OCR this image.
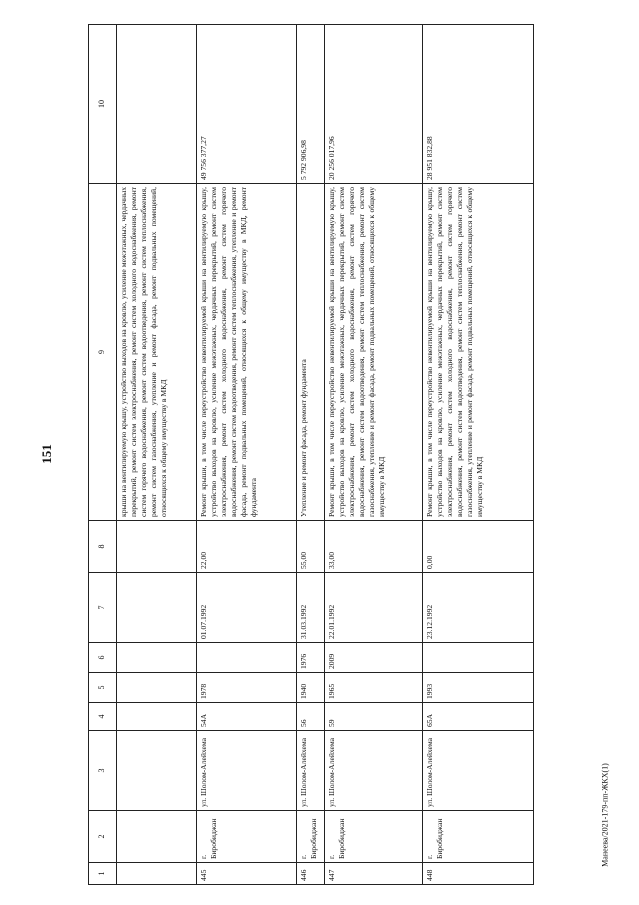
151
Манеева/2021-179-пп-ЖКХ(1)
1	2	3	4	5	6	7	8	9	10
								крыши на вентилируемую крышу, устройство выходов на кровлю, усиление межэтажных, чердачных перекрытий, ремонт систем электроснабжения, ремонт систем холодного водоснабжения, ремонт систем горячего водоснабжения, ремонт систем водоотведения, ремонт систем теплоснабжения, ремонт систем газоснабжения, утепление и ремонт фасада, ремонт подвальных помещений, относящихся к общему имуществу в МКД	
445	г. Биробиджан	ул. Шолом-Алейхема	54А	1978		01.07.1992	22,00	Ремонт крыши, в том числе переустройство невентилируемой крыши на вентилируемую крышу, устройство выходов на кровлю, усиление межэтажных, чердачных перекрытий, ремонт систем электроснабжения, ремонт систем холодного водоснабжения, ремонт систем горячего водоснабжения, ремонт систем водоотведения, ремонт систем теплоснабжения, утепление и ремонт фасада, ремонт подвальных помещений, относящихся к общему имуществу в МКД, ремонт фундамента	49 756 377,27
446	г. Биробиджан	ул. Шолом-Алейхема	56	1940	1976	31.03.1992	55,00	Утепление и ремонт фасада, ремонт фундамента	5 792 906,98
447	г. Биробиджан	ул. Шолом-Алейхема	59	1965	2009	22.01.1992	33,00	Ремонт крыши, в том числе переустройство невентилируемой крыши на вентилируемую крышу, устройство выходов на кровлю, усиление межэтажных, чердачных перекрытий, ремонт систем электроснабжения, ремонт систем холодного водоснабжения, ремонт систем горячего водоснабжения, ремонт систем водоотведения, ремонт систем теплоснабжения, ремонт систем газоснабжения, утепление и ремонт фасада, ремонт подвальных помещений, относящихся к общему имуществу в МКД	20 256 017,96
448	г. Биробиджан	ул. Шолом-Алейхема	65А	1993		23.12.1992	0,00	Ремонт крыши, в том числе переустройство невентилируемой крыши на вентилируемую крышу, устройство выходов на кровлю, усиление межэтажных, чердачных перекрытий, ремонт систем электроснабжения, ремонт систем холодного водоснабжения, ремонт систем горячего водоснабжения, ремонт систем водоотведения, ремонт систем теплоснабжения, ремонт систем газоснабжения, утепление и ремонт фасада, ремонт подвальных помещений, относящихся к общему имуществу в МКД	28 951 832,88
